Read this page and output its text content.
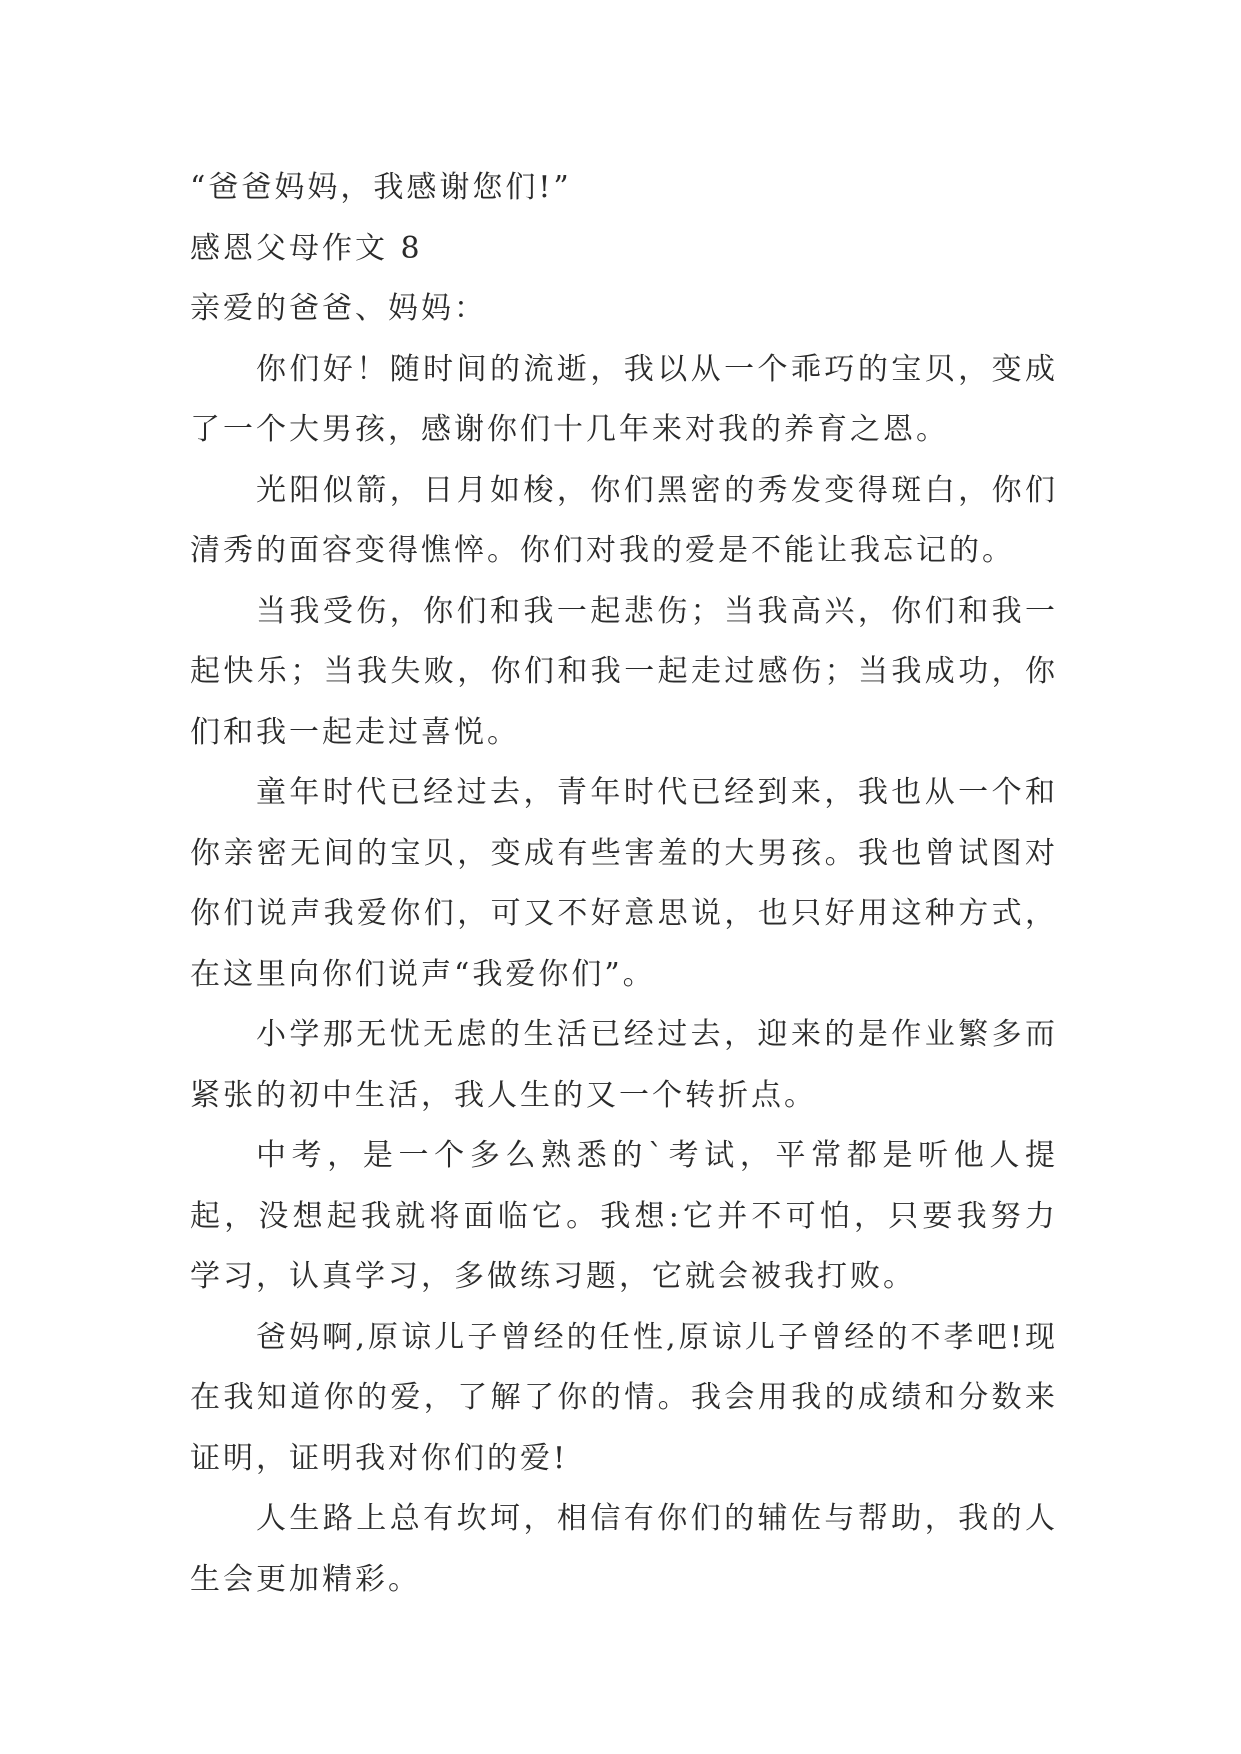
“爸爸妈妈，我感谢您们!”

感恩父母作文 8

亲爱的爸爸、妈妈：

你们好！随时间的流逝，我以从一个乖巧的宝贝，变成了一个大男孩，感谢你们十几年来对我的养育之恩。

光阳似箭，日月如梭，你们黑密的秀发变得斑白，你们清秀的面容变得憔悴。你们对我的爱是不能让我忘记的。

当我受伤，你们和我一起悲伤；当我高兴，你们和我一起快乐；当我失败，你们和我一起走过感伤；当我成功，你们和我一起走过喜悦。

童年时代已经过去，青年时代已经到来，我也从一个和你亲密无间的宝贝，变成有些害羞的大男孩。我也曾试图对你们说声我爱你们，可又不好意思说，也只好用这种方式，在这里向你们说声“我爱你们”。

小学那无忧无虑的生活已经过去，迎来的是作业繁多而紧张的初中生活，我人生的又一个转折点。

中考，是一个多么熟悉的`考试，平常都是听他人提起，没想起我就将面临它。我想:它并不可怕，只要我努力学习，认真学习，多做练习题，它就会被我打败。

爸妈啊,原谅儿子曾经的任性,原谅儿子曾经的不孝吧!现在我知道你的爱，了解了你的情。我会用我的成绩和分数来证明，证明我对你们的爱!

人生路上总有坎坷，相信有你们的辅佐与帮助，我的人生会更加精彩。
